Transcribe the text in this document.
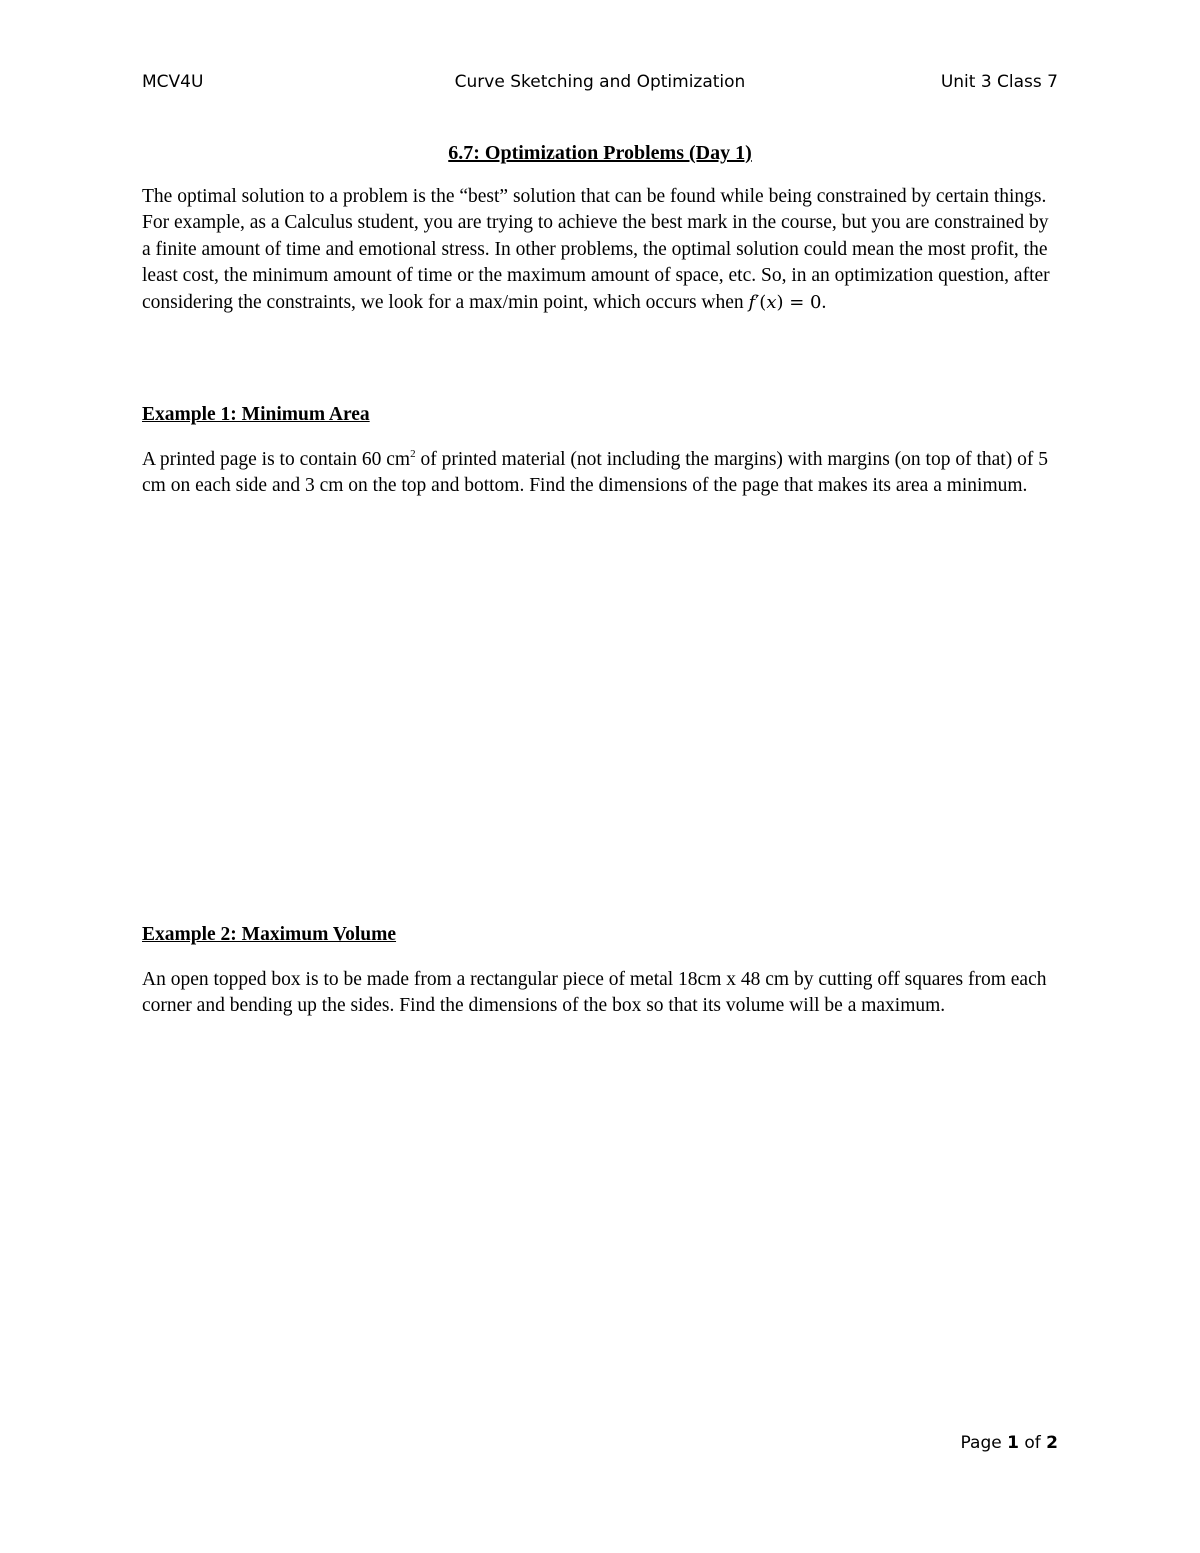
MCV4U	Curve Sketching and Optimization	Unit 3 Class 7
6.7: Optimization Problems (Day 1)

The optimal solution to a problem is the “best” solution that can be found while being constrained by certain things. For example, as a Calculus student, you are trying to achieve the best mark in the course, but you are constrained by a finite amount of time and emotional stress. In other problems, the optimal solution could mean the most profit, the least cost, the minimum amount of time or the maximum amount of space, etc. So, in an optimization question, after considering the constraints, we look for a max/min point, which occurs when f′(x) = 0.

Example 1: Minimum Area

A printed page is to contain 60 $cm^2$ of printed material (not including the margins) with margins (on top of that) of 5 cm on each side and 3 cm on the top and bottom. Find the dimensions of the page that makes its area a minimum.

Example 2: Maximum Volume

An open topped box is to be made from a rectangular piece of metal 18cm x 48 cm by cutting off squares from each corner and bending up the sides. Find the dimensions of the box so that its volume will be a maximum.

Page 1 of 2
